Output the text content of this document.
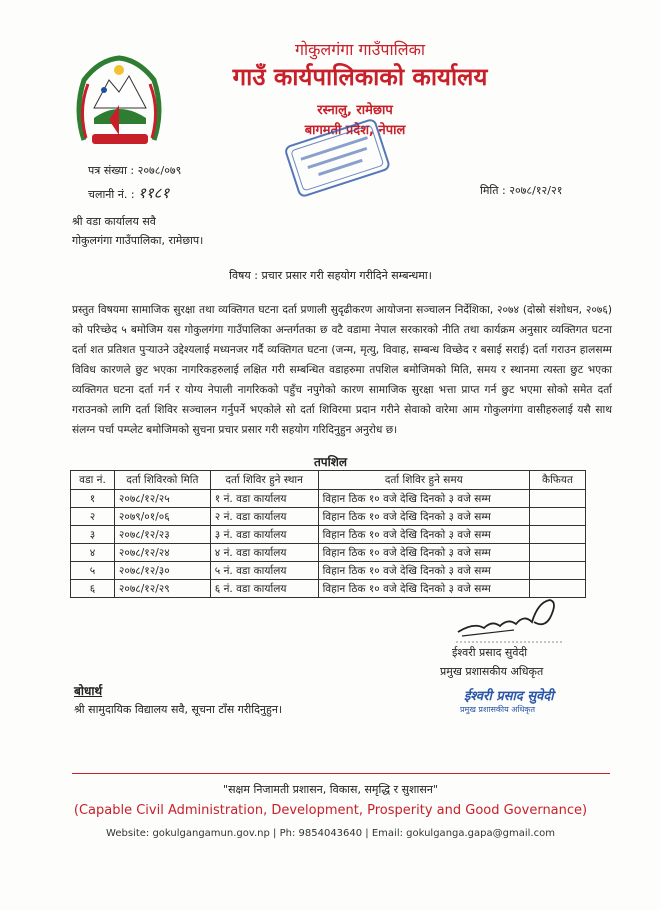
गोकुलगंगा गाउँपालिका
गाउँ कार्यपालिकाको कार्यालय
रस्नालु, रामेछाप
बागमती प्रदेश, नेपाल
पत्र संख्या : २०७८/०७९
चलानी नं. : ११८१	मिति : २०७८/१२/२१
श्री वडा कार्यालय सवै
गोकुलगंगा गाउँपालिका, रामेछाप।
विषय : प्रचार प्रसार गरी सहयोग गरीदिने सम्बन्धमा।
प्रस्तुत विषयमा सामाजिक सुरक्षा तथा व्यक्तिगत घटना दर्ता प्रणाली सुदृढीकरण आयोजना सञ्चालन निर्देशिका, २०७४ (दोस्रो संशोधन, २०७६) को परिच्छेद ५ बमोजिम यस गोकुलगंगा गाउँपालिका अन्तर्गतका छ वटै वडामा नेपाल सरकारको नीति तथा कार्यक्रम अनुसार व्यक्तिगत घटना दर्ता शत प्रतिशत पुऱ्याउने उद्देश्यलाई मध्यनजर गर्दै व्यक्तिगत घटना (जन्म, मृत्यु, विवाह, सम्बन्ध विच्छेद र बसाई सराई) दर्ता गराउन हालसम्म विविध कारणले छुट भएका नागरिकहरुलाई लक्षित गरी सम्बन्धित वडाहरुमा तपशिल बमोजिमको मिति, समय र स्थानमा त्यस्ता छुट भएका व्यक्तिगत घटना दर्ता गर्न र योग्य नेपाली नागरिकको पहुँच नपुगेको कारण सामाजिक सुरक्षा भत्ता प्राप्त गर्न छुट भएमा सोको समेत दर्ता गराउनको लागि दर्ता शिविर सञ्चालन गर्नुपर्ने भएकोले सो दर्ता शिविरमा प्रदान गरीने सेवाको वारेमा आम गोकुलगंगा वासीहरुलाई यसै साथ संलग्न पर्चा पम्प्लेट बमोजिमको सुचना प्रचार प्रसार गरी सहयोग गरिदिनुहुन अनुरोध छ।
तपशिल
वडा नं.	दर्ता शिविरको मिति	दर्ता शिविर हुने स्थान	दर्ता शिविर हुने समय	कैफियत
१	२०७८/१२/२५	१ नं. वडा कार्यालय	विहान ठिक १० वजे देखि दिनको ३ वजे सम्म	
२	२०७९/०१/०६	२ नं. वडा कार्यालय	विहान ठिक १० वजे देखि दिनको ३ वजे सम्म	
३	२०७८/१२/२३	३ नं. वडा कार्यालय	विहान ठिक १० वजे देखि दिनको ३ वजे सम्म	
४	२०७८/१२/२४	४ नं. वडा कार्यालय	विहान ठिक १० वजे देखि दिनको ३ वजे सम्म	
५	२०७८/१२/३०	५ नं. वडा कार्यालय	विहान ठिक १० वजे देखि दिनको ३ वजे सम्म	
६	२०७८/१२/२९	६ नं. वडा कार्यालय	विहान ठिक १० वजे देखि दिनको ३ वजे सम्म	
ईश्वरी प्रसाद सुवेदी
प्रमुख प्रशासकीय अधिकृत
ईश्वरी प्रसाद सुवेदी
प्रमुख प्रशासकीय अधिकृत
बोधार्थ
श्री सामुदायिक विद्यालय सवै, सूचना टाँस गरीदिनुहुन।
"सक्षम निजामती प्रशासन, विकास, समृद्धि र सुशासन"
(Capable Civil Administration, Development, Prosperity and Good Governance)
Website: gokulgangamun.gov.np | Ph: 9854043640 | Email: gokulganga.gapa@gmail.com
